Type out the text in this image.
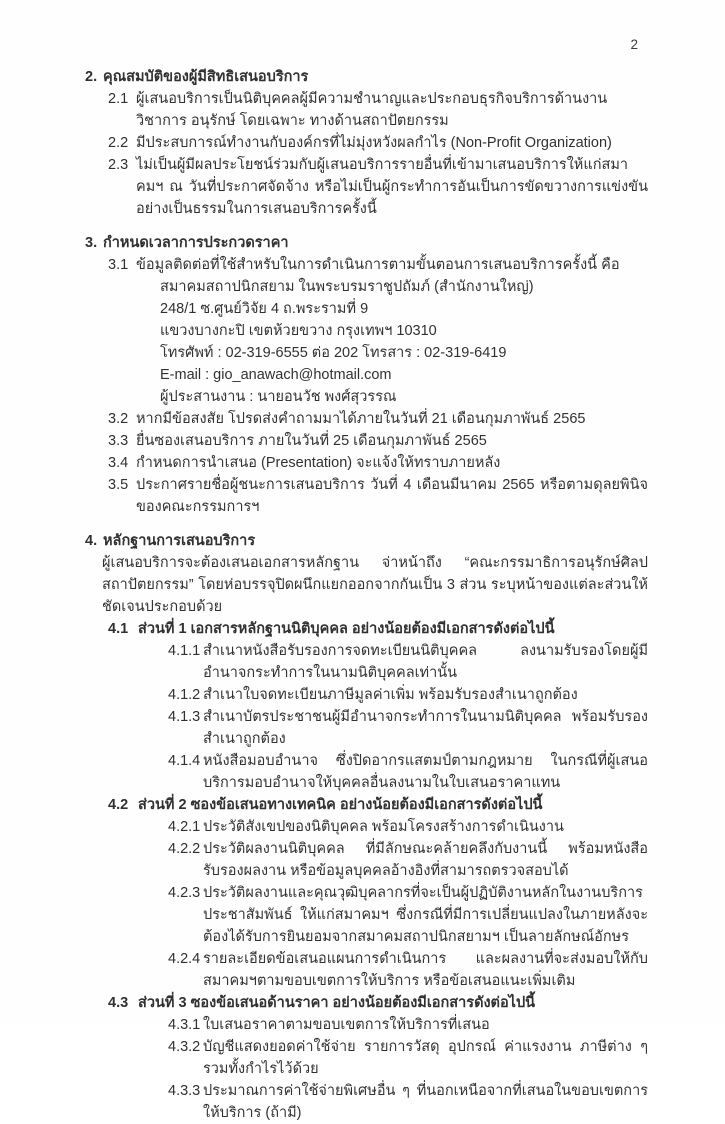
2
2. คุณสมบัติของผู้มีสิทธิเสนอบริการ
2.1 ผู้เสนอบริการเป็นนิติบุคคลผู้มีความชำนาญและประกอบธุรกิจบริการด้านงานวิชาการ อนุรักษ์ โดยเฉพาะ ทางด้านสถาปัตยกรรม
2.2 มีประสบการณ์ทำงานกับองค์กรที่ไม่มุ่งหวังผลกำไร (Non-Profit Organization)
2.3 ไม่เป็นผู้มีผลประโยชน์ร่วมกับผู้เสนอบริการรายอื่นที่เข้ามาเสนอบริการให้แก่สมาคมฯ ณ วันที่ประกาศจัดจ้าง หรือไม่เป็นผู้กระทำการอันเป็นการขัดขวางการแข่งขันอย่างเป็นธรรมในการเสนอบริการครั้งนี้
3. กำหนดเวลาการประกวดราคา
3.1 ข้อมูลติดต่อที่ใช้สำหรับในการดำเนินการตามขั้นตอนการเสนอบริการครั้งนี้ คือ
สมาคมสถาปนิกสยาม ในพระบรมราชูปถัมภ์ (สำนักงานใหญ่)
248/1 ซ.ศูนย์วิจัย 4 ถ.พระรามที่ 9
แขวงบางกะปิ เขตห้วยขวาง กรุงเทพฯ 10310
โทรศัพท์ : 02-319-6555 ต่อ 202 โทรสาร : 02-319-6419
E-mail : gio_anawach@hotmail.com
ผู้ประสานงาน : นายอนวัช พงศ์สุวรรณ
3.2 หากมีข้อสงสัย โปรดส่งคำถามมาได้ภายในวันที่ 21 เดือนกุมภาพันธ์ 2565
3.3 ยื่นซองเสนอบริการ ภายในวันที่ 25 เดือนกุมภาพันธ์ 2565
3.4 กำหนดการนำเสนอ (Presentation) จะแจ้งให้ทราบภายหลัง
3.5 ประกาศรายชื่อผู้ชนะการเสนอบริการ วันที่ 4 เดือนมีนาคม 2565 หรือตามดุลยพินิจของคณะกรรมการฯ
4. หลักฐานการเสนอบริการ
ผู้เสนอบริการจะต้องเสนอเอกสารหลักฐาน จ่าหน้าถึง “คณะกรรมาธิการอนุรักษ์ศิลปสถาปัตยกรรม” โดยห่อบรรจุปิดผนึกแยกออกจากกันเป็น 3 ส่วน ระบุหน้าของแต่ละส่วนให้ชัดเจนประกอบด้วย
4.1 ส่วนที่ 1 เอกสารหลักฐานนิติบุคคล อย่างน้อยต้องมีเอกสารดังต่อไปนี้
4.1.1 สำเนาหนังสือรับรองการจดทะเบียนนิติบุคคล ลงนามรับรองโดยผู้มีอำนาจกระทำการในนามนิติบุคคลเท่านั้น
4.1.2 สำเนาใบจดทะเบียนภาษีมูลค่าเพิ่ม พร้อมรับรองสำเนาถูกต้อง
4.1.3 สำเนาบัตรประชาชนผู้มีอำนาจกระทำการในนามนิติบุคคล พร้อมรับรองสำเนาถูกต้อง
4.1.4 หนังสือมอบอำนาจ ซึ่งปิดอากรแสตมป์ตามกฎหมาย ในกรณีที่ผู้เสนอบริการมอบอำนาจให้บุคคลอื่นลงนามในใบเสนอราคาแทน
4.2 ส่วนที่ 2 ซองข้อเสนอทางเทคนิค อย่างน้อยต้องมีเอกสารดังต่อไปนี้
4.2.1 ประวัติสังเขปของนิติบุคคล พร้อมโครงสร้างการดำเนินงาน
4.2.2 ประวัติผลงานนิติบุคคล ที่มีลักษณะคล้ายคลึงกับงานนี้ พร้อมหนังสือรับรองผลงาน หรือข้อมูลบุคคลอ้างอิงที่สามารถตรวจสอบได้
4.2.3 ประวัติผลงานและคุณวุฒิบุคลากรที่จะเป็นผู้ปฏิบัติงานหลักในงานบริการประชาสัมพันธ์ ให้แก่สมาคมฯ ซึ่งกรณีที่มีการเปลี่ยนแปลงในภายหลังจะต้องได้รับการยินยอมจากสมาคมสถาปนิกสยามฯ เป็นลายลักษณ์อักษร
4.2.4 รายละเอียดข้อเสนอแผนการดำเนินการ และผลงานที่จะส่งมอบให้กับสมาคมฯตามขอบเขตการให้บริการ หรือข้อเสนอแนะเพิ่มเติม
4.3 ส่วนที่ 3 ซองข้อเสนอด้านราคา อย่างน้อยต้องมีเอกสารดังต่อไปนี้
4.3.1 ใบเสนอราคาตามขอบเขตการให้บริการที่เสนอ
4.3.2 บัญชีแสดงยอดค่าใช้จ่าย รายการวัสดุ อุปกรณ์ ค่าแรงงาน ภาษีต่าง ๆ รวมทั้งกำไรไว้ด้วย
4.3.3 ประมาณการค่าใช้จ่ายพิเศษอื่น ๆ ที่นอกเหนือจากที่เสนอในขอบเขตการให้บริการ (ถ้ามี)
